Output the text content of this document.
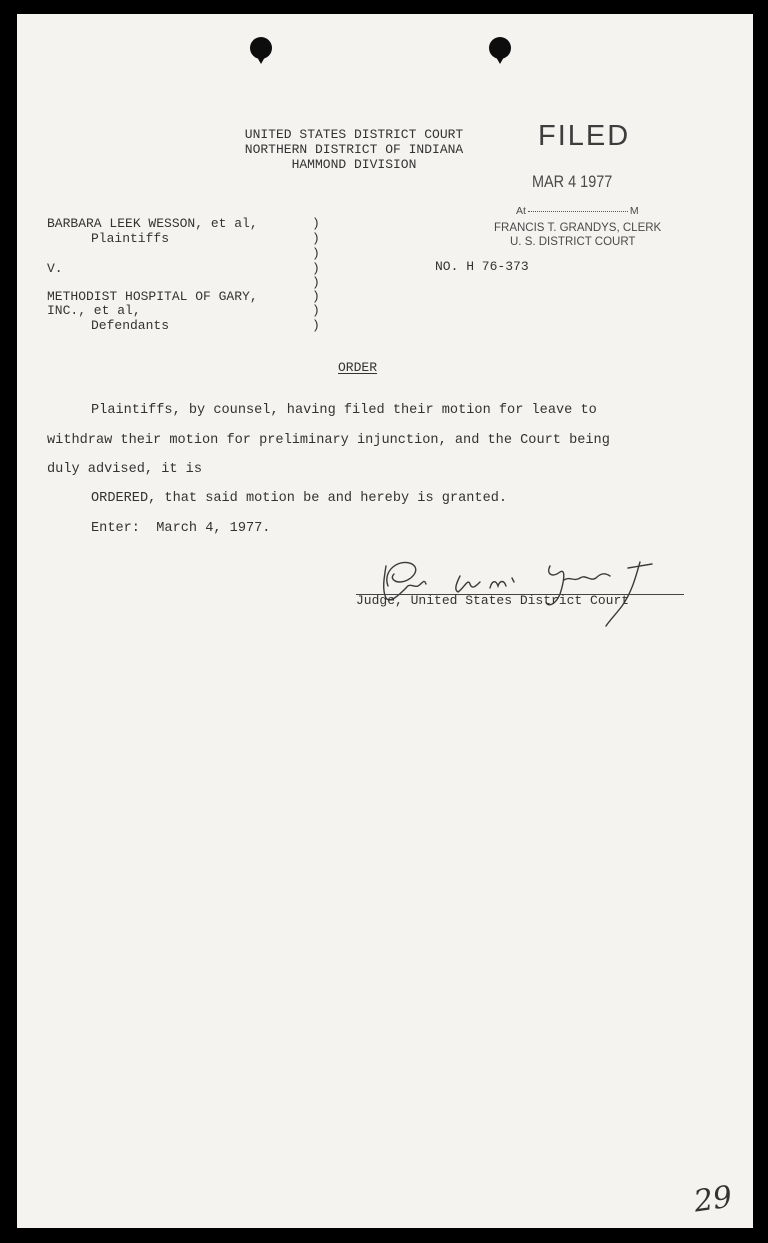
UNITED STATES DISTRICT COURT
NORTHERN DISTRICT OF INDIANA
HAMMOND DIVISION
FILED
MAR 4 1977
At	M
FRANCIS T. GRANDYS, CLERK
U. S. DISTRICT COURT
BARBARA LEEK WESSON, et al,
Plaintiffs
V.
METHODIST HOSPITAL OF GARY,
INC., et al,
Defendants
)
)
)
)
)
)
)
)
NO. H 76-373
ORDER
Plaintiffs, by counsel, having filed their motion for leave to
withdraw their motion for preliminary injunction, and the Court being
duly advised, it is
ORDERED, that said motion be and hereby is granted.
Enter:  March 4, 1977.
Judge, United States District Court
29
